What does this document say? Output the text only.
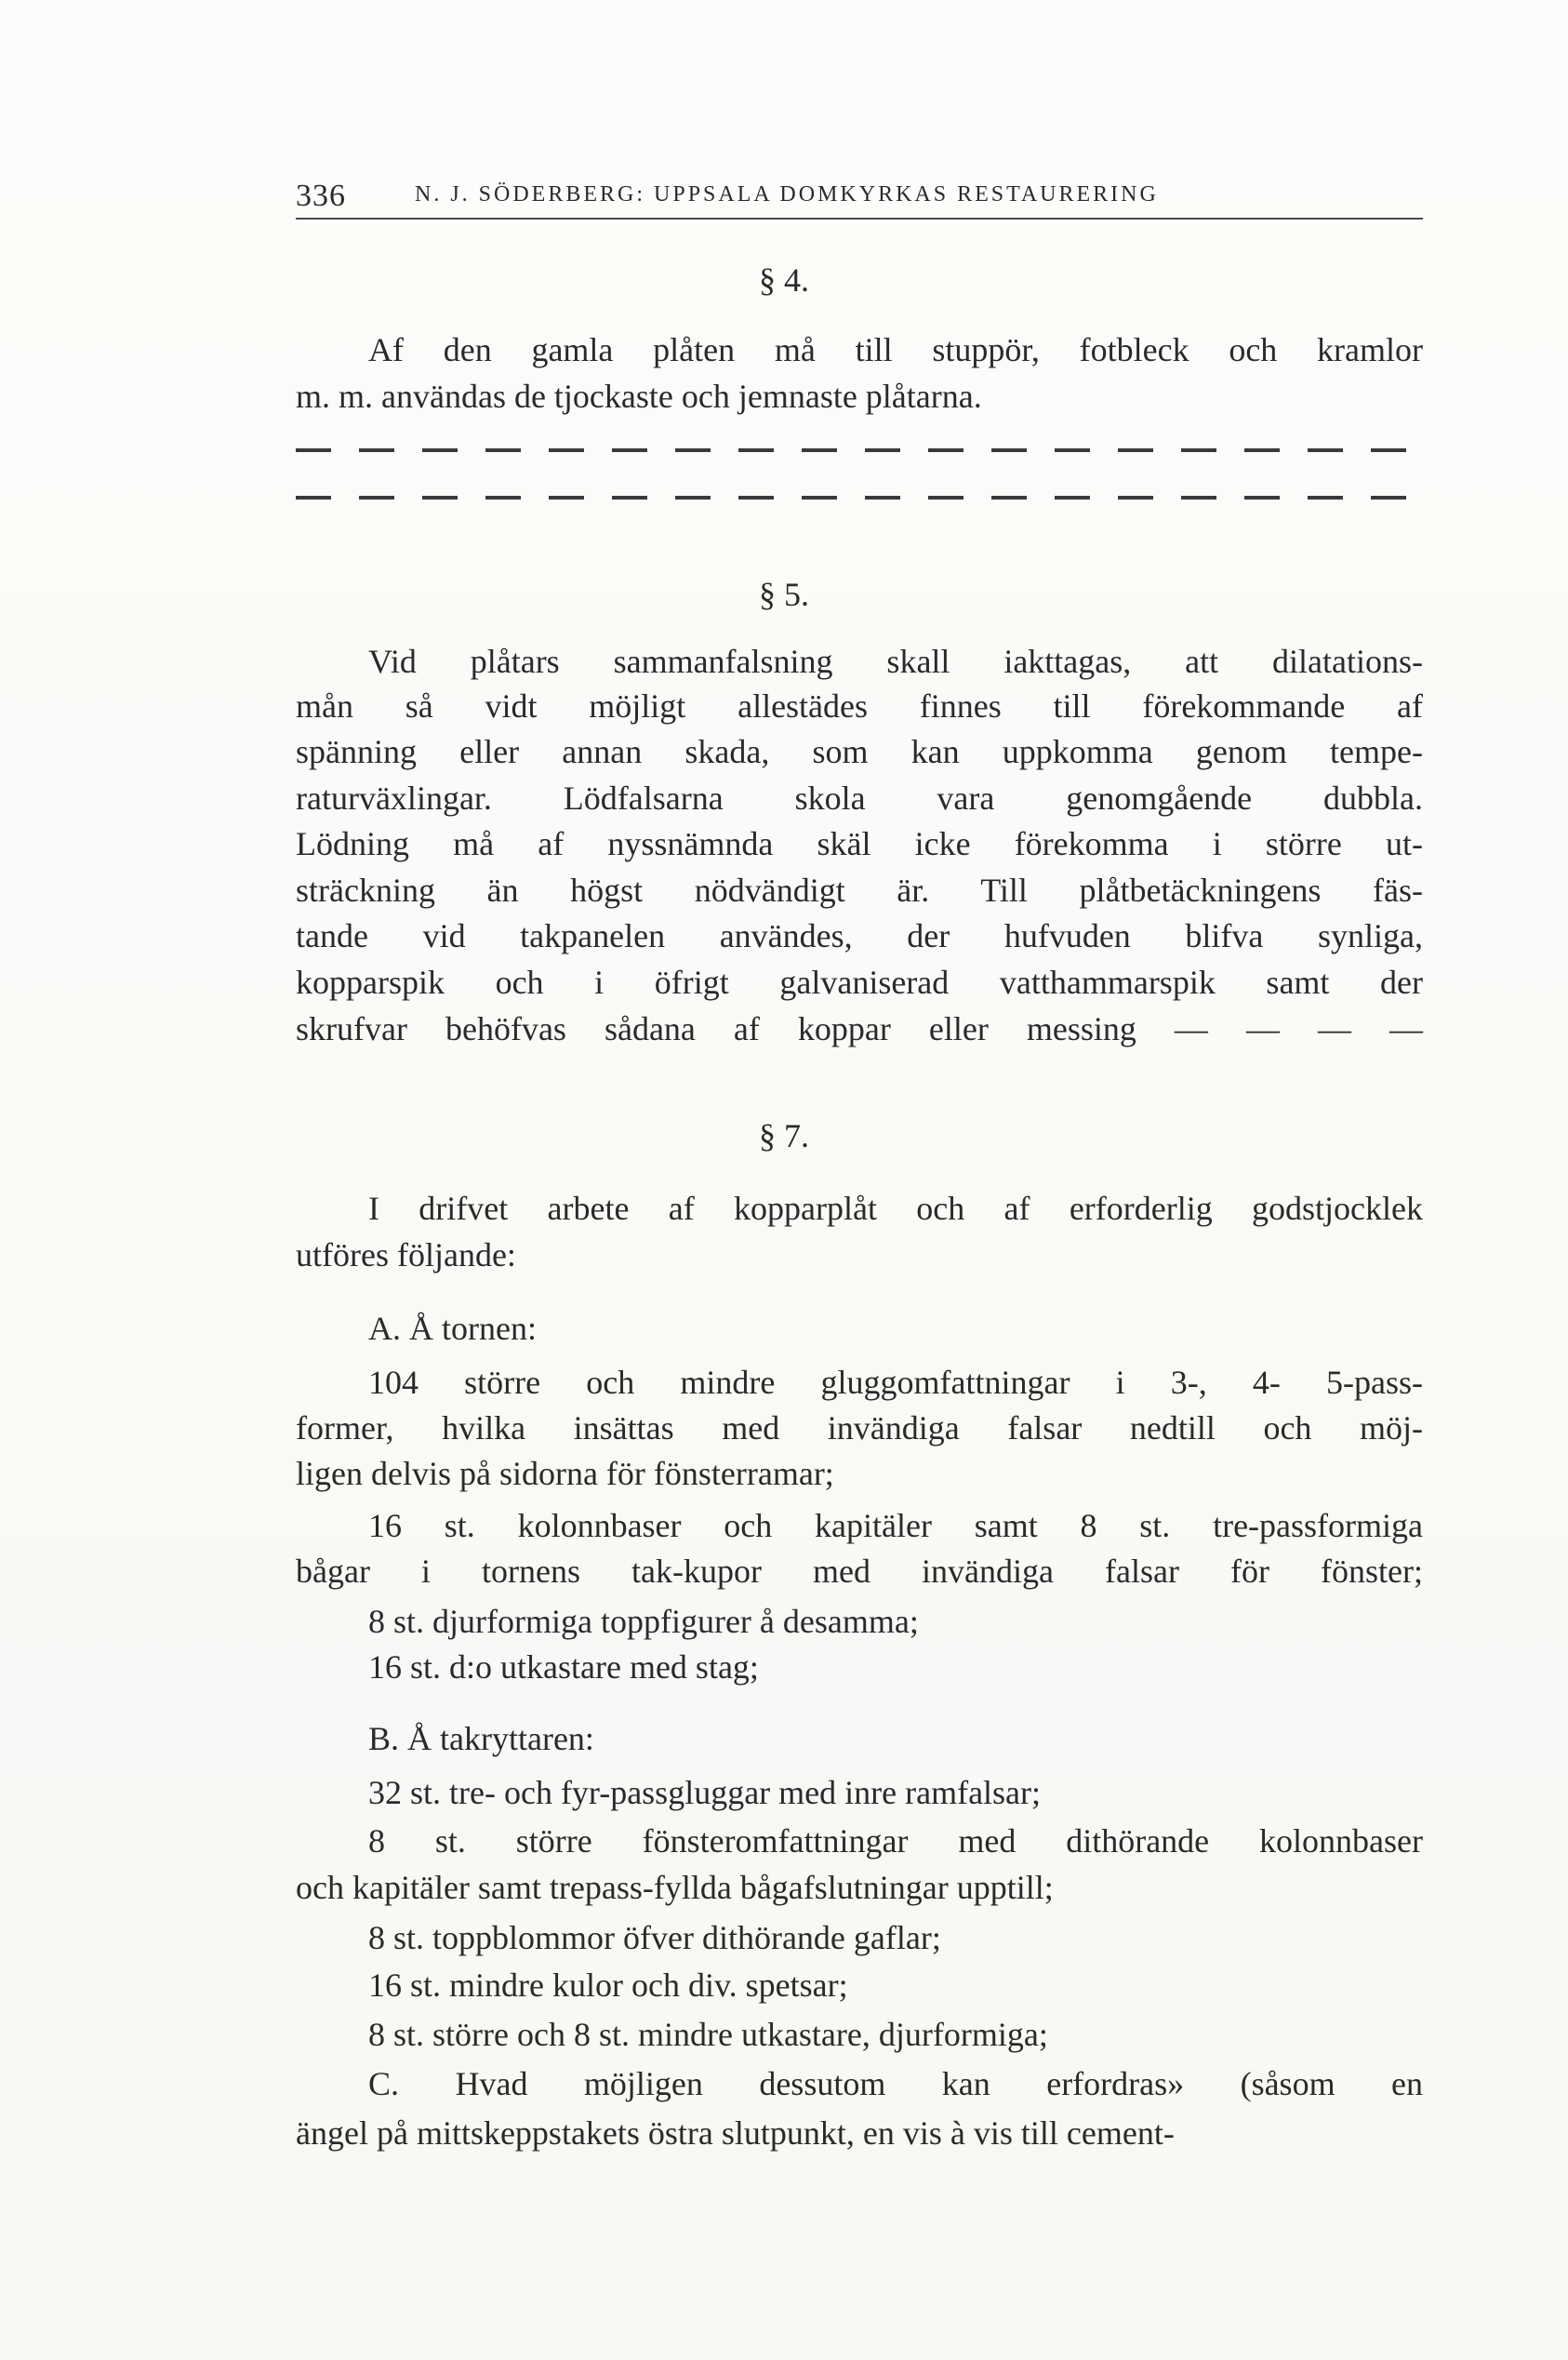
336	N. J. SÖDERBERG: UPPSALA DOMKYRKAS RESTAURERING
§ 4.
Af den gamla plåten må till stupрör, fotbleck och kramlor
m. m. användas de tjockaste och jemnaste plåtarna.
§ 5.
Vid plåtars sammanfalsning skall iakttagas, att dilatations-
mån så vidt möjligt allestädes finnes till förekommande af
spänning eller annan skada, som kan uppkomma genom tempe-
raturväxlingar. Lödfalsarna skola vara genomgående dubbla.
Lödning må af nyssnämnda skäl icke förekomma i större ut-
sträckning än högst nödvändigt är. Till plåtbetäckningens fäs-
tande vid takpanelen användes, der hufvuden blifva synliga,
kopparspik och i öfrigt galvaniserad vatthammarspik samt der
skrufvar behöfvas sådana af koppar eller messing — — — —
§ 7.
I drifvet arbete af kopparplåt och af erforderlig godstjocklek
utföres följande:
A. Å tornen:
104 större och mindre gluggomfattningar i 3-, 4- 5-pass-
former, hvilka insättas med invändiga falsar nedtill och möj-
ligen delvis på sidorna för fönsterramar;
16 st. kolonnbaser och kapitäler samt 8 st. tre-passformiga
bågar i tornens tak-kupor med invändiga falsar för fönster;
8 st. djurformiga toppfigurer å desamma;
16 st. d:o utkastare med stag;
B. Å takryttaren:
32 st. tre- och fyr-passgluggar med inre ramfalsar;
8 st. större fönsteromfattningar med dithörande kolonnbaser
och kapitäler samt trepass-fyllda bågafslutningar upptill;
8 st. toppblommor öfver dithörande gaflar;
16 st. mindre kulor och div. spetsar;
8 st. större och 8 st. mindre utkastare, djurformiga;
C. Hvad möjligen dessutom kan erfordras» (såsom en
ängel på mittskeppstakets östra slutpunkt, en vis à vis till cement-
